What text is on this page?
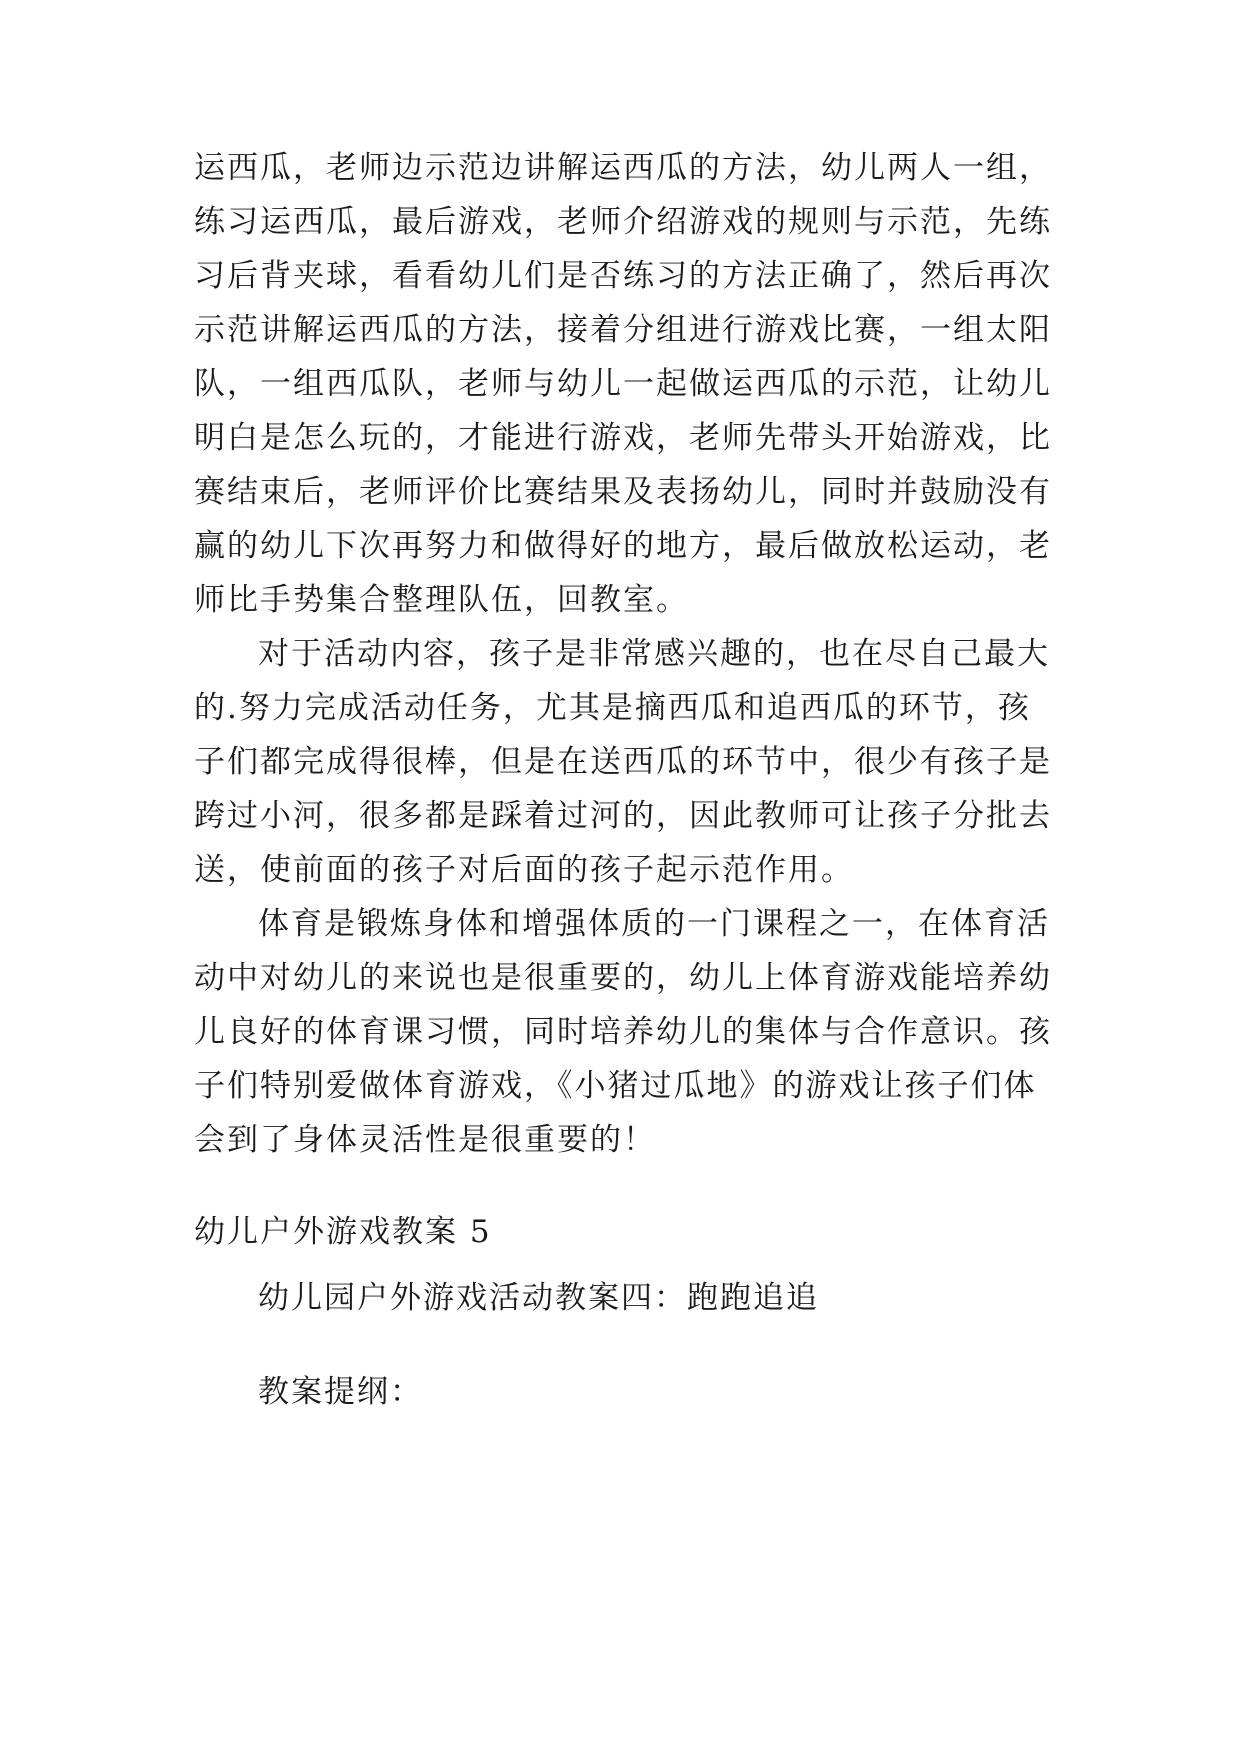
运西瓜，老师边示范边讲解运西瓜的方法，幼儿两人一组，
练习运西瓜，最后游戏，老师介绍游戏的规则与示范，先练
习后背夹球，看看幼儿们是否练习的方法正确了，然后再次
示范讲解运西瓜的方法，接着分组进行游戏比赛，一组太阳
队，一组西瓜队，老师与幼儿一起做运西瓜的示范，让幼儿
明白是怎么玩的，才能进行游戏，老师先带头开始游戏，比
赛结束后，老师评价比赛结果及表扬幼儿，同时并鼓励没有
赢的幼儿下次再努力和做得好的地方，最后做放松运动，老
师比手势集合整理队伍，回教室。
对于活动内容，孩子是非常感兴趣的，也在尽自己最大
的.努力完成活动任务，尤其是摘西瓜和追西瓜的环节，孩
子们都完成得很棒，但是在送西瓜的环节中，很少有孩子是
跨过小河，很多都是踩着过河的，因此教师可让孩子分批去
送，使前面的孩子对后面的孩子起示范作用。
体育是锻炼身体和增强体质的一门课程之一，在体育活
动中对幼儿的来说也是很重要的，幼儿上体育游戏能培养幼
儿良好的体育课习惯，同时培养幼儿的集体与合作意识。孩
子们特别爱做体育游戏，《小猪过瓜地》的游戏让孩子们体
会到了身体灵活性是很重要的！
幼儿户外游戏教案 5
幼儿园户外游戏活动教案四：跑跑追追
教案提纲：
